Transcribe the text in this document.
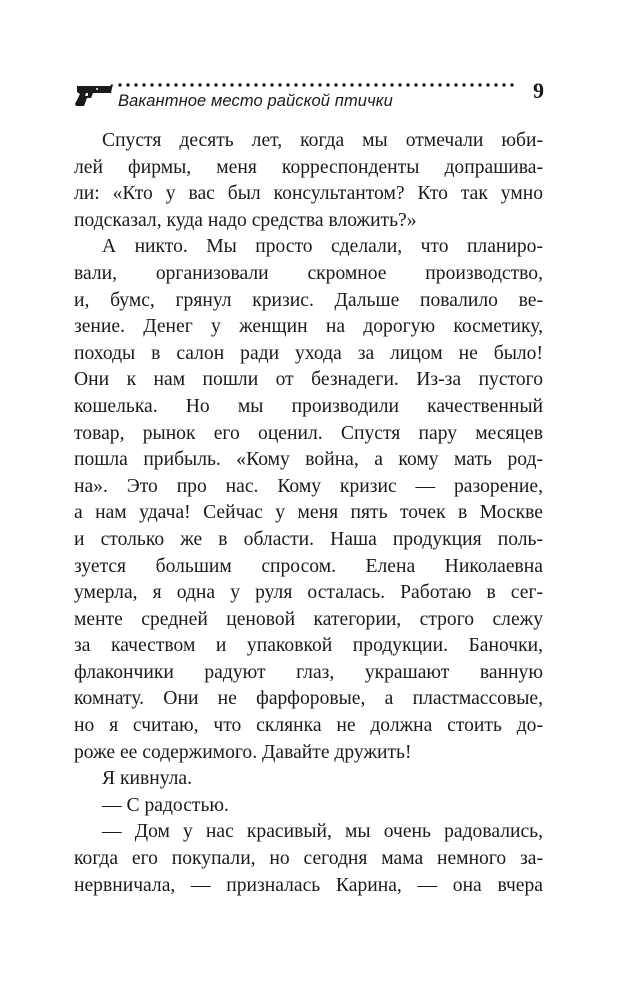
Вакантное место райской птички	9

Спустя десять лет, когда мы отмечали юби-
лей фирмы, меня корреспонденты допрашива-
ли: «Кто у вас был консультантом? Кто так умно
подсказал, куда надо средства вложить?»

А никто. Мы просто сделали, что планиро-
вали, организовали скромное производство,
и, бумс, грянул кризис. Дальше повалило ве-
зение. Денег у женщин на дорогую косметику,
походы в салон ради ухода за лицом не было!
Они к нам пошли от безнадеги. Из-за пустого
кошелька. Но мы производили качественный
товар, рынок его оценил. Спустя пару месяцев
пошла прибыль. «Кому война, а кому мать род-
на». Это про нас. Кому кризис — разорение,
а нам удача! Сейчас у меня пять точек в Москве
и столько же в области. Наша продукция поль-
зуется большим спросом. Елена Николаевна
умерла, я одна у руля осталась. Работаю в сег-
менте средней ценовой категории, строго слежу
за качеством и упаковкой продукции. Баночки,
флакончики радуют глаз, украшают ванную
комнату. Они не фарфоровые, а пластмассовые,
но я считаю, что склянка не должна стоить до-
роже ее содержимого. Давайте дружить!

Я кивнула.

— С радостью.

— Дом у нас красивый, мы очень радовались,
когда его покупали, но сегодня мама немного за-
нервничала, — призналась Карина, — она вчера
